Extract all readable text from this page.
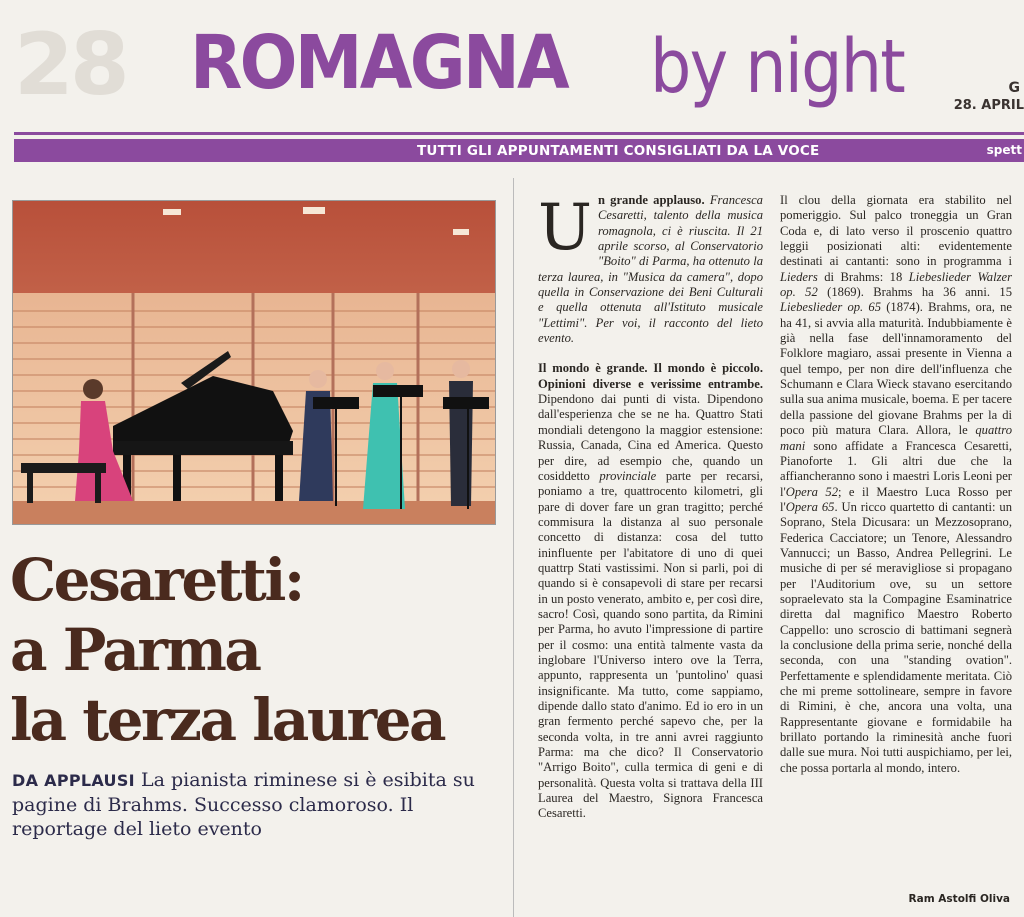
28 ROMAGNA by night	G
28. APRIL
TUTTI GLI APPUNTAMENTI CONSIGLIATI DA LA VOCE	spett
Cesaretti:
a Parma
la terza laurea

DA APPLAUSI La pianista riminese si è esibita su pagine di Brahms. Successo clamoroso. Il reportage del lieto evento

Un grande applauso. Francesca Cesaretti, talento della musica romagnola, ci è riuscita. Il 21 aprile scorso, al Conservatorio "Boito" di Parma, ha ottenuto la terza laurea, in "Musica da camera", dopo quella in Conservazione dei Beni Culturali e quella ottenuta all'Istituto musicale "Lettimi". Per voi, il racconto del lieto evento.

Il mondo è grande. Il mondo è piccolo. Opinioni diverse e verissime entrambe. Dipendono dai punti di vista. Dipendono dall'esperienza che se ne ha. Quattro Stati mondiali detengono la maggior estensione: Russia, Canada, Cina ed America. Questo per dire, ad esempio che, quando un cosiddetto provinciale parte per recarsi, poniamo a tre, quattrocento kilometri, gli pare di dover fare un gran tragitto; perché commisura la distanza al suo personale concetto di distanza: cosa del tutto ininfluente per l'abitatore di uno di quei quattrp Stati vastissimi. Non si parli, poi di quando si è consapevoli di stare per recarsi in un posto venerato, ambito e, per così dire, sacro! Così, quando sono partita, da Rimini per Parma, ho avuto l'impressione di partire per il cosmo: una entità talmente vasta da inglobare l'Universo intero ove la Terra, appunto, rappresenta un 'puntolino' quasi insignificante. Ma tutto, come sappiamo, dipende dallo stato d'animo. Ed io ero in un gran fermento perché sapevo che, per la seconda volta, in tre anni avrei raggiunto Parma: ma che dico? Il Conservatorio "Arrigo Boito", culla termica di geni e di personalità. Questa volta si trattava della III Laurea del Maestro, Signora Francesca Cesaretti.

Il clou della giornata era stabilito nel pomeriggio. Sul palco troneggia un Gran Coda e, di lato verso il proscenio quattro leggii posizionati alti: evidentemente destinati ai cantanti: sono in programma i Lieders di Brahms: 18 Liebeslieder Walzer op. 52 (1869). Brahms ha 36 anni. 15 Liebeslieder op. 65 (1874). Brahms, ora, ne ha 41, si avvia alla maturità. Indubbiamente è già nella fase dell'innamoramento del Folklore magiaro, assai presente in Vienna a quel tempo, per non dire dell'influenza che Schumann e Clara Wieck stavano esercitando sulla sua anima musicale, boema. E per tacere della passione del giovane Brahms per la di poco più matura Clara. Allora, le quattro mani sono affidate a Francesca Cesaretti, Pianoforte 1. Gli altri due che la affiancheranno sono i maestri Loris Leoni per l'Opera 52; e il Maestro Luca Rosso per l'Opera 65. Un ricco quartetto di cantanti: un Soprano, Stela Dicusara: un Mezzosoprano, Federica Cacciatore; un Tenore, Alessandro Vannucci; un Basso, Andrea Pellegrini. Le musiche di per sé meravigliose si propagano per l'Auditorium ove, su un settore sopraelevato sta la Compagine Esaminatrice diretta dal magnifico Maestro Roberto Cappello: uno scroscio di battimani segnerà la conclusione della prima serie, nonché della seconda, con una "standing ovation". Perfettamente e splendidamente meritata. Ciò che mi preme sottolineare, sempre in favore di Rimini, è che, ancora una volta, una Rappresentante giovane e formidabile ha brillato portando la riminesità anche fuori dalle sue mura. Noi tutti auspichiamo, per lei, che possa portarla al mondo, intero.

Ram Astolfi Oliva
